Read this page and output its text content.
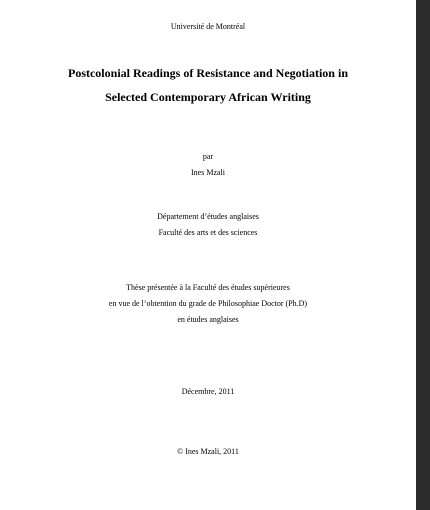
Université de Montréal
Postcolonial Readings of Resistance and Negotiation in
Selected Contemporary African Writing
par
Ines Mzali
Département d’études anglaises
Faculté des arts et des sciences
Thèse présentée à la Faculté des études supérieures
en vue de l’obtention du grade de Philosophiae Doctor (Ph.D)
en études anglaises
Décembre, 2011
© Ines Mzali, 2011
